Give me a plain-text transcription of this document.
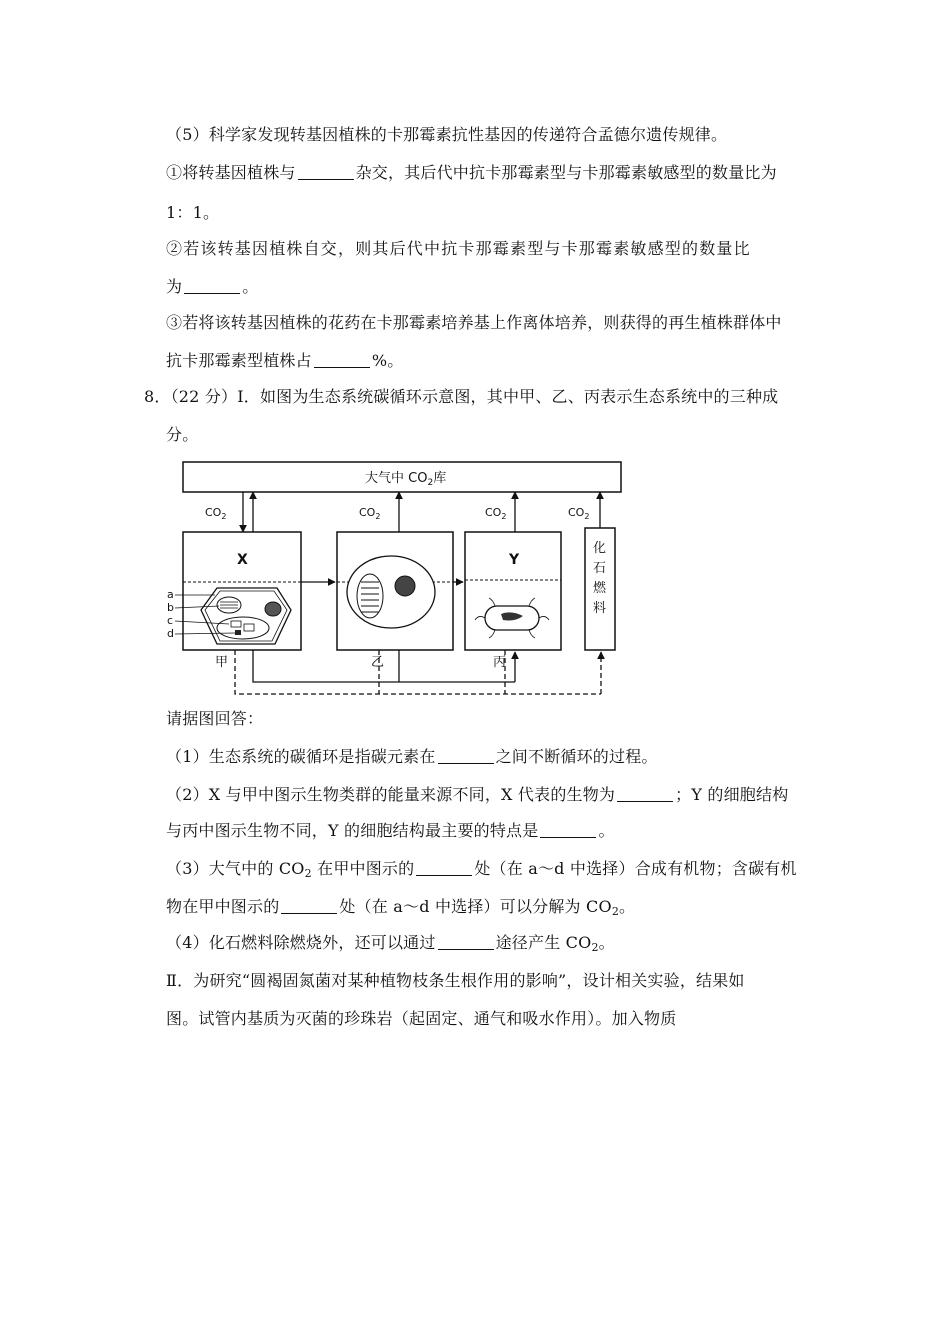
（5）科学家发现转基因植株的卡那霉素抗性基因的传递符合孟德尔遗传规律。
①将转基因植株与	杂交，其后代中抗卡那霉素型与卡那霉素敏感型的数量比为
1：1。
②若该转基因植株自交，则其后代中抗卡那霉素型与卡那霉素敏感型的数量比
为	。
③若将该转基因植株的花药在卡那霉素培养基上作离体培养，则获得的再生植株群体中
抗卡那霉素型植株占	%。
8．（22 分）I．如图为生态系统碳循环示意图，其中甲、乙、丙表示生态系统中的三种成
分。
大气中 $CO_2$库
$CO_2$	$CO_2$	$CO_2$	$CO_2$
X
a
b
c
d
甲	乙
Y
丙
化
石
燃
料
请据图回答：
（1）生态系统的碳循环是指碳元素在	之间不断循环的过程。
（2）X 与甲中图示生物类群的能量来源不同，X 代表的生物为	；Y 的细胞结构
与丙中图示生物不同，Y 的细胞结构最主要的特点是	。
（3）大气中的 $CO_2$ 在甲中图示的	处（在 a～d 中选择）合成有机物；含碳有机
物在甲中图示的	处（在 a～d 中选择）可以分解为 $CO_2$。
（4）化石燃料除燃烧外，还可以通过	途径产生 $CO_2$。
Ⅱ．为研究“圆褐固氮菌对某种植物枝条生根作用的影响”，设计相关实验，结果如
图。试管内基质为灭菌的珍珠岩（起固定、通气和吸水作用）。加入物质
